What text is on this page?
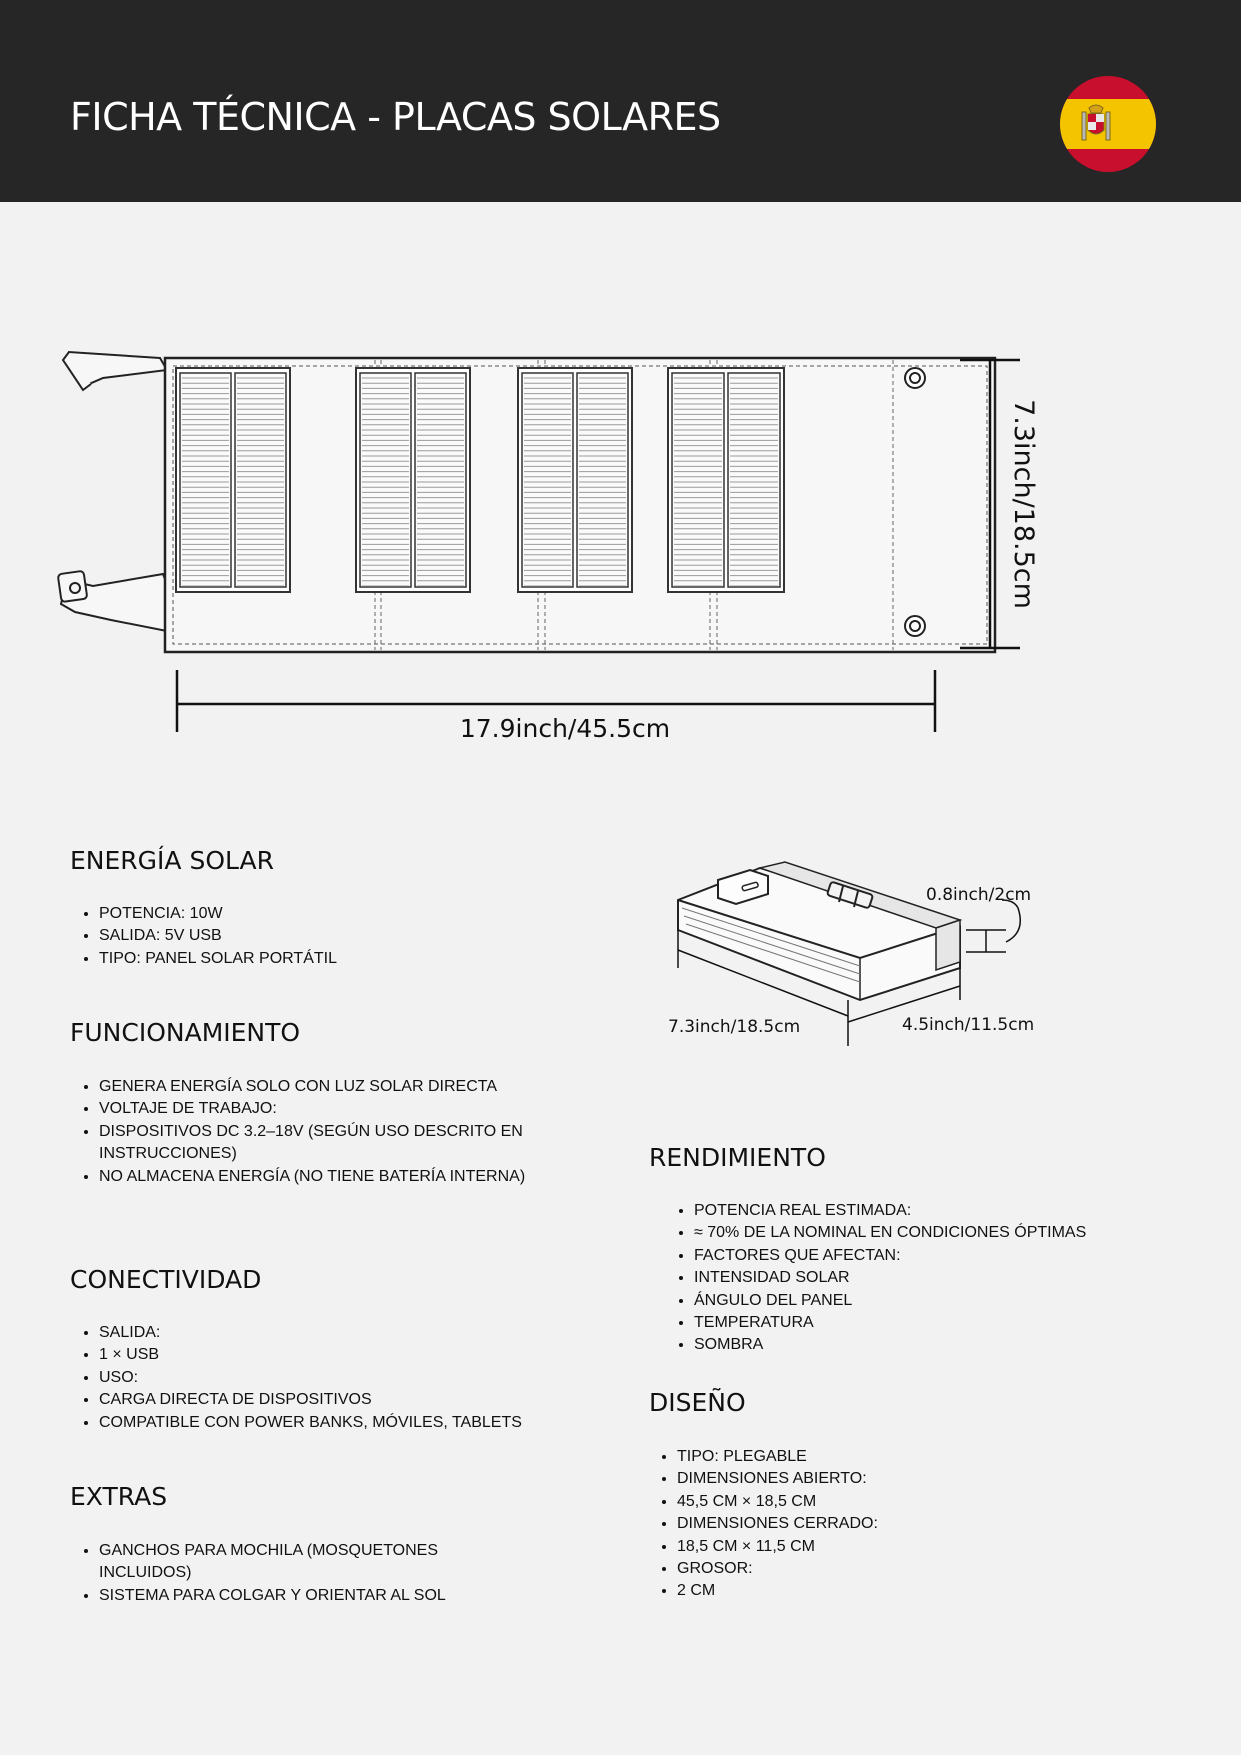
FICHA TÉCNICA - PLACAS SOLARES
7.3inch/18.5cm
17.9inch/45.5cm
0.8inch/2cm
7.3inch/18.5cm	4.5inch/11.5cm
ENERGÍA SOLAR
• POTENCIA: 10W
• SALIDA: 5V USB
• TIPO: PANEL SOLAR PORTÁTIL
FUNCIONAMIENTO
• GENERA ENERGÍA SOLO CON LUZ SOLAR DIRECTA
• VOLTAJE DE TRABAJO:
• DISPOSITIVOS DC 3.2–18V (SEGÚN USO DESCRITO EN INSTRUCCIONES)
• NO ALMACENA ENERGÍA (NO TIENE BATERÍA INTERNA)
CONECTIVIDAD
• SALIDA:
• 1 × USB
• USO:
• CARGA DIRECTA DE DISPOSITIVOS
• COMPATIBLE CON POWER BANKS, MÓVILES, TABLETS
EXTRAS
• GANCHOS PARA MOCHILA (MOSQUETONES INCLUIDOS)
• SISTEMA PARA COLGAR Y ORIENTAR AL SOL
RENDIMIENTO
• POTENCIA REAL ESTIMADA:
• ≈ 70% DE LA NOMINAL EN CONDICIONES ÓPTIMAS
• FACTORES QUE AFECTAN:
• INTENSIDAD SOLAR
• ÁNGULO DEL PANEL
• TEMPERATURA
• SOMBRA
DISEÑO
• TIPO: PLEGABLE
• DIMENSIONES ABIERTO:
• 45,5 CM × 18,5 CM
• DIMENSIONES CERRADO:
• 18,5 CM × 11,5 CM
• GROSOR:
• 2 CM
